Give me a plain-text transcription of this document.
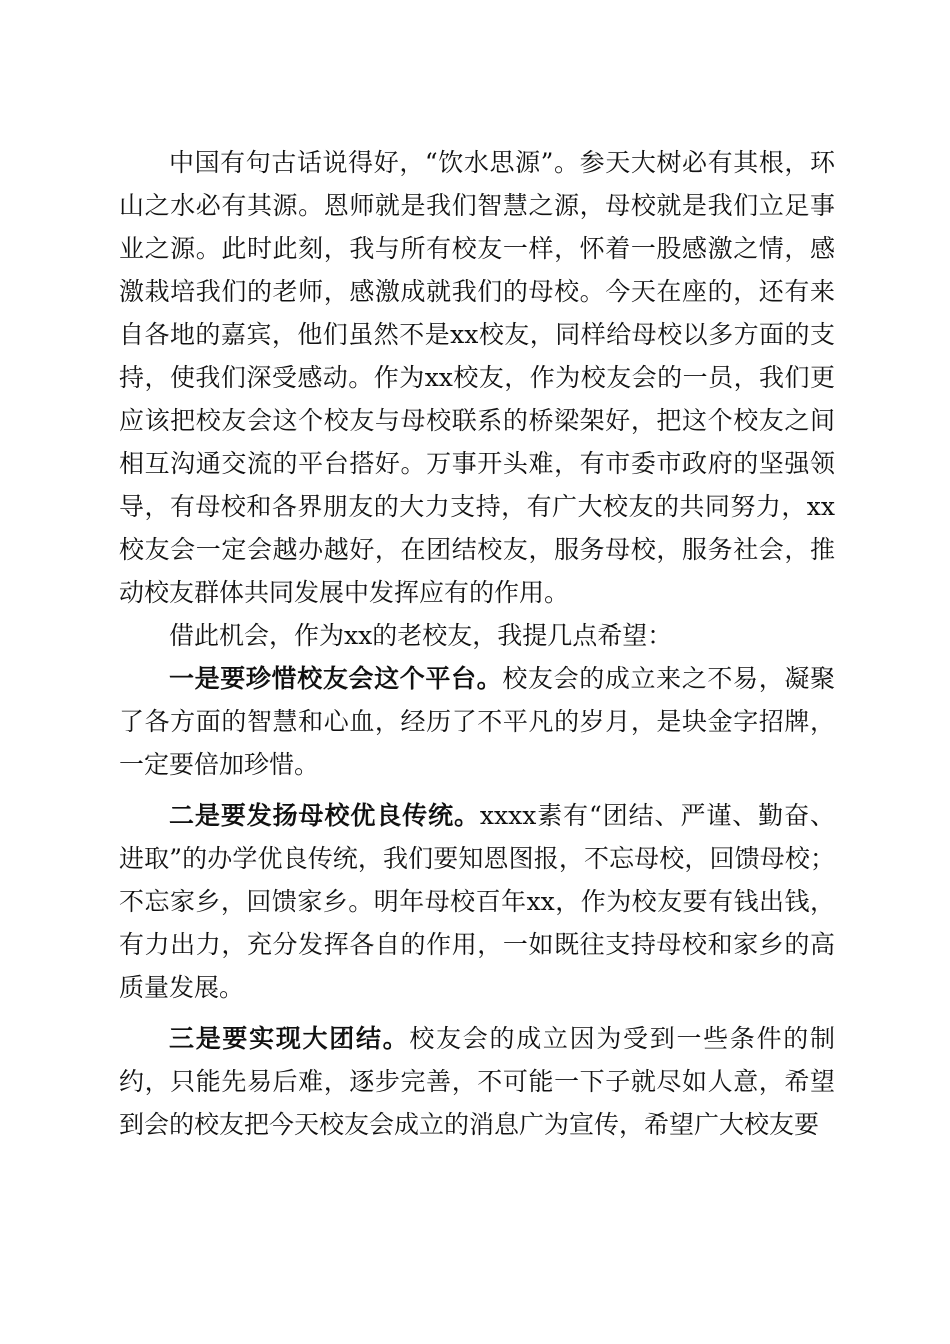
中国有句古话说得好，“饮水思源”。参天大树必有其根，环山之水必有其源。恩师就是我们智慧之源，母校就是我们立足事业之源。此时此刻，我与所有校友一样，怀着一股感激之情，感激栽培我们的老师，感激成就我们的母校。今天在座的，还有来自各地的嘉宾，他们虽然不是xx校友，同样给母校以多方面的支持，使我们深受感动。作为xx校友，作为校友会的一员，我们更应该把校友会这个校友与母校联系的桥梁架好，把这个校友之间相互沟通交流的平台搭好。万事开头难，有市委市政府的坚强领导，有母校和各界朋友的大力支持，有广大校友的共同努力，xx校友会一定会越办越好，在团结校友，服务母校，服务社会，推动校友群体共同发展中发挥应有的作用。

借此机会，作为xx的老校友，我提几点希望：

一是要珍惜校友会这个平台。校友会的成立来之不易，凝聚了各方面的智慧和心血，经历了不平凡的岁月，是块金字招牌，一定要倍加珍惜。

二是要发扬母校优良传统。xxxx素有“团结、严谨、勤奋、进取”的办学优良传统，我们要知恩图报，不忘母校，回馈母校；不忘家乡，回馈家乡。明年母校百年xx，作为校友要有钱出钱，有力出力，充分发挥各自的作用，一如既往支持母校和家乡的高质量发展。

三是要实现大团结。校友会的成立因为受到一些条件的制约，只能先易后难，逐步完善，不可能一下子就尽如人意，希望到会的校友把今天校友会成立的消息广为宣传，希望广大校友要
